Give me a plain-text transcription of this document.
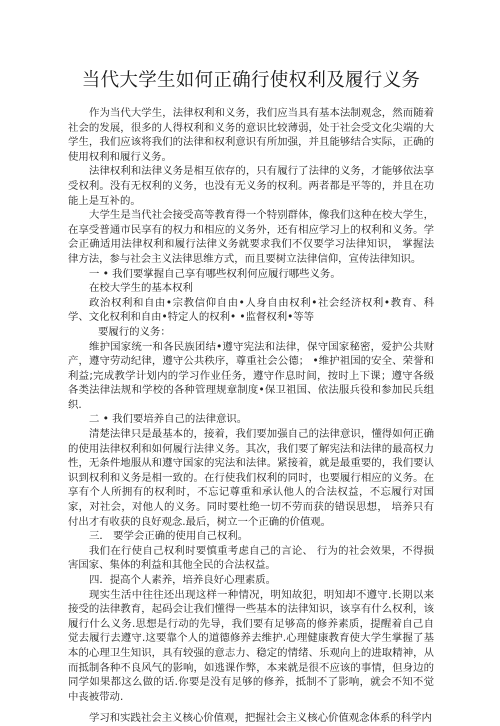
当代大学生如何正确行使权利及履行义务

作为当代大学生，法律权利和义务，我们应当具有基本法制观念，然而随着社会的发展，很多的人得权利和义务的意识比较薄弱，处于社会受文化尖端的大学生，我们应该将我们的法律和权利意识有所加强，并且能够结合实际，正确的使用权利和履行义务。

法律权利和法律义务是相互依存的，只有履行了法律的义务，才能够依法享受权利。没有无权利的义务，也没有无义务的权利。两者都是平等的，并且在功能上是互补的。

大学生是当代社会接受高等教育得一个特别群体，像我们这种在校大学生，在享受普通市民享有的权力和相应的义务外，还有相应学习上的权利和义务。学会正确适用法律权利和履行法律义务就要求我们不仅要学习法律知识， 掌握法律方法，参与社会主义法律思维方式，而且要树立法律信仰，宣传法律知识。

一 • 我们要掌握自己享有哪些权利何应履行哪些义务。

在校大学生的基本权利

政治权利和自由•宗教信仰自由•人身自由权利•社会经济权利•教育、科学、文化权利和自由•特定人的权利• •监督权利•等等

要履行的义务：

维护国家统一和各民族团结•遵守宪法和法律，保守国家秘密，爱护公共财产，遵守劳动纪律，遵守公共秩序，尊重社会公德； •维护祖国的安全、荣誉和利益;完成教学计划内的学习作业任务，遵守作息时间，按时上下课；遵守各级各类法律法规和学校的各种管理规章制度•保卫祖国、依法服兵役和参加民兵组 织.

二 • 我们要培养自己的法律意识。

清楚法律只是最基本的，接着，我们要加强自己的法律意识，懂得如何正确的使用法律权利和如何履行法律义务。其次，我们要了解宪法和法律的最高权力性，无条件地服从和遵守国家的宪法和法律。紧接着，就是最重要的，我们要认识到权利和义务是相一致的。在行使我们权利的同时，也要履行相应的义务。在享有个人所拥有的权利时，不忘记尊重和承认他人的合法权益，不忘履行对国家，对社会，对他人的义务。同时要杜绝一切不劳而获的错误思想， 培养只有付出才有收获的良好观念.最后，树立一个正确的价值观。

三． 要学会正确的使用自己权利。

我们在行使自己权利时要慎重考虑自己的言论、 行为的社会效果，不得损害国家、集体的利益和其他全民的合法权益。

四．提高个人素养，培养良好心理素质。

现实生活中往往还出现这样一种情况，明知故犯，明知却不遵守.长期以来接受的法律教育，起码会让我们懂得一些基本的法律知识，该享有什么权利，该履行什么义务.思想是行动的先导，我们要有足够高的修养素质，提醒着自己自觉去履行去遵守.这要靠个人的道德修养去维护.心理健康教育使大学生掌握了基本的心理卫生知识，具有较强的意志力、稳定的情绪、乐观向上的进取精神，从而抵制各种不良风气的影响，如逃课作弊，本来就是很不应该的事情，但身边的同学如果都这么做的话.你要是没有足够的修养，抵制不了影响，就会不知不觉中丧被带动.

学习和实践社会主义核心价值观，把握社会主义核心价值观念体系的科学内
